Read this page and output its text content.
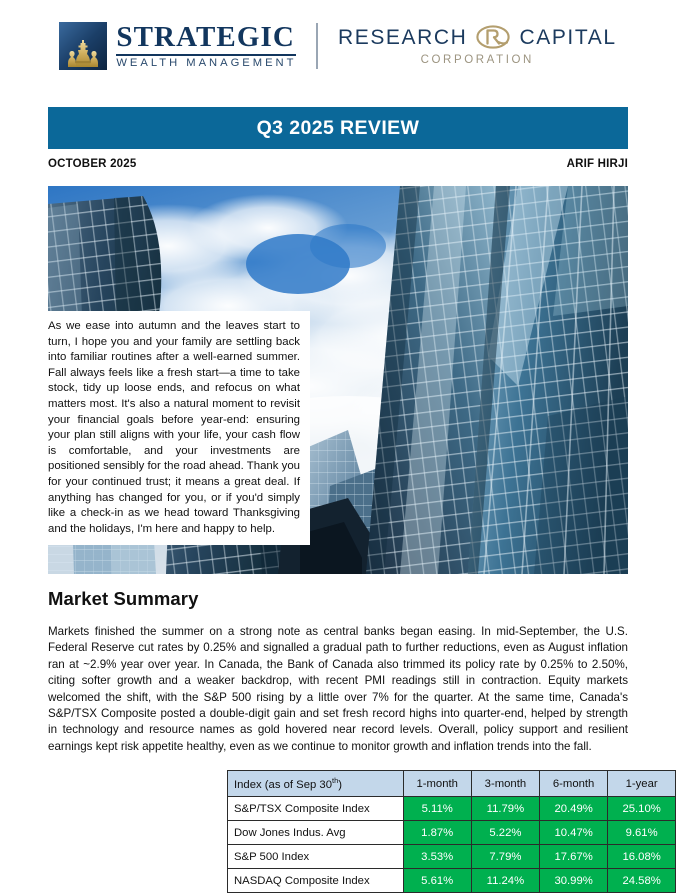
STRATEGIC
WEALTH MANAGEMENT
RESEARCH CAPITAL
CORPORATION
Q3 2025 REVIEW
OCTOBER 2025	ARIF HIRJI

As we ease into autumn and the leaves start to turn, I hope you and your family are settling back into familiar routines after a well-earned summer. Fall always feels like a fresh start—a time to take stock, tidy up loose ends, and refocus on what matters most. It's also a natural moment to revisit your financial goals before year-end: ensuring your plan still aligns with your life, your cash flow is comfortable, and your investments are positioned sensibly for the road ahead. Thank you for your continued trust; it means a great deal. If anything has changed for you, or if you'd simply like a check-in as we head toward Thanksgiving and the holidays, I'm here and happy to help.

Market Summary

Markets finished the summer on a strong note as central banks began easing. In mid-September, the U.S. Federal Reserve cut rates by 0.25% and signalled a gradual path to further reductions, even as August inflation ran at ~2.9% year over year. In Canada, the Bank of Canada also trimmed its policy rate by 0.25% to 2.50%, citing softer growth and a weaker backdrop, with recent PMI readings still in contraction. Equity markets welcomed the shift, with the S&P 500 rising by a little over 7% for the quarter. At the same time, Canada's S&P/TSX Composite posted a double-digit gain and set fresh record highs into quarter-end, helped by strength in technology and resource names as gold hovered near record levels. Overall, policy support and resilient earnings kept risk appetite healthy, even as we continue to monitor growth and inflation trends into the fall.

Index (as of Sep 30th)	1-month	3-month	6-month	1-year
S&P/TSX Composite Index	5.11%	11.79%	20.49%	25.10%
Dow Jones Indus. Avg	1.87%	5.22%	10.47%	9.61%
S&P 500 Index	3.53%	7.79%	17.67%	16.08%
NASDAQ Composite Index	5.61%	11.24%	30.99%	24.58%
